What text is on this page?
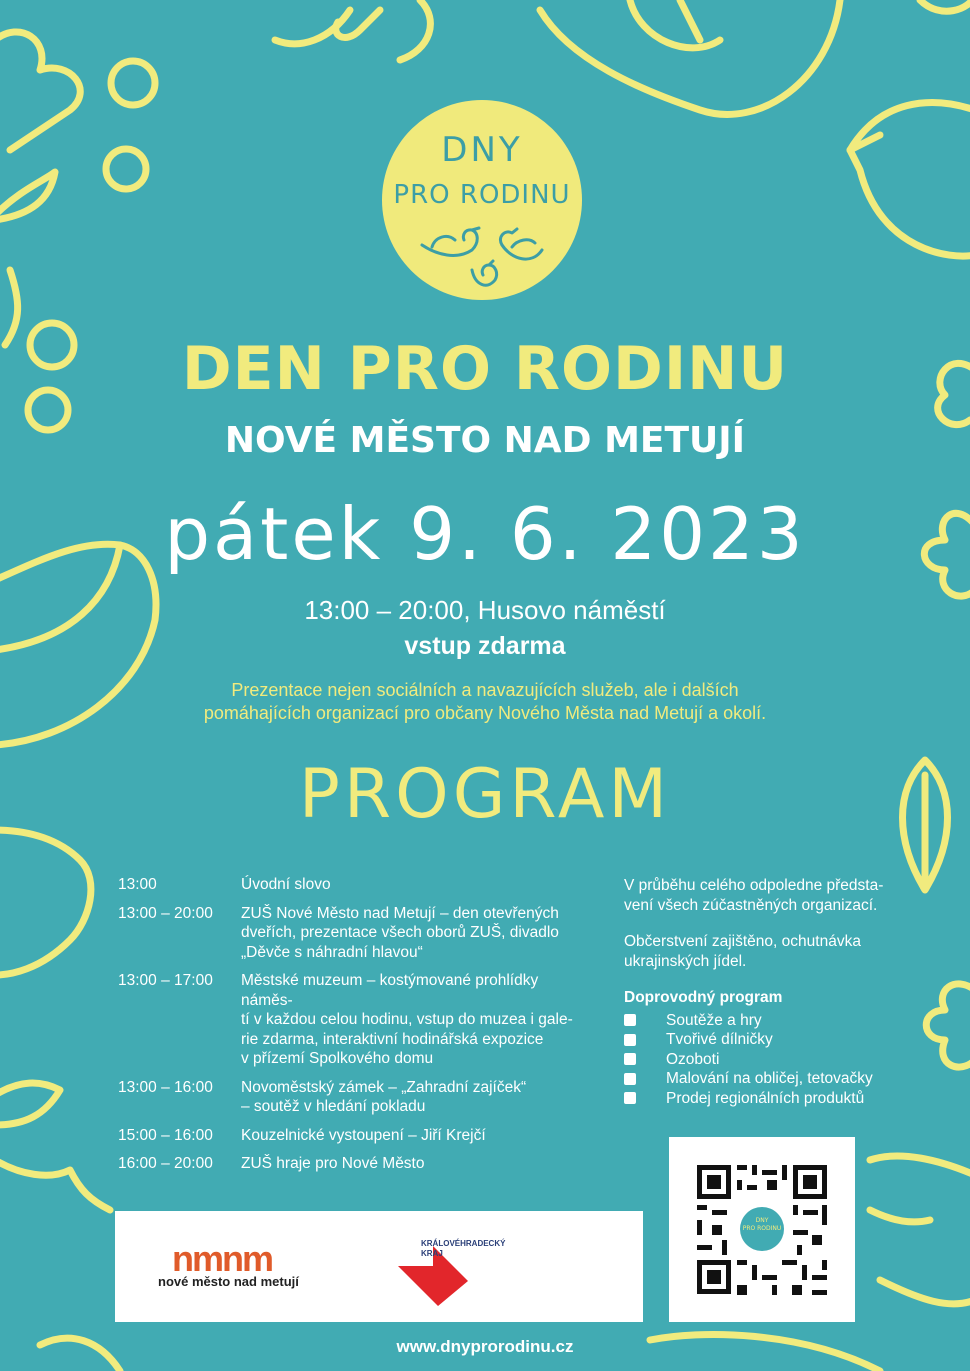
DNY
PRO RODINU
DEN PRO RODINU
NOVÉ MĚSTO NAD METUJÍ
pátek 9. 6. 2023
13:00 – 20:00, Husovo náměstí
vstup zdarma
Prezentace nejen sociálních a navazujících služeb, ale i dalších
pomáhajících organizací pro občany Nového Města nad Metují a okolí.
PROGRAM
13:00	Úvodní slovo
13:00 – 20:00	ZUŠ Nové Město nad Metují – den otevřených
dveřích, prezentace všech oborů ZUŠ, divadlo
„Děvče s náhradní hlavou“
13:00 – 17:00	Městské muzeum – kostýmované prohlídky náměs-
tí v každou celou hodinu, vstup do muzea i gale-
rie zdarma, interaktivní hodinářská expozice
v přízemí Spolkového domu
13:00 – 16:00	Novoměstský zámek – „Zahradní zajíček“
– soutěž v hledání pokladu
15:00 – 16:00	Kouzelnické vystoupení – Jiří Krejčí
16:00 – 20:00	ZUŠ hraje pro Nové Město

V průběhu celého odpoledne předsta-
vení všech zúčastněných organizací.

Občerstvení zajištěno, ochutnávka
ukrajinských jídel.

Doprovodný program
Soutěže a hry
Tvořivé dílničky
Ozoboti
Malování na obličej, tetovačky
Prodej regionálních produktů
DNY
PRO RODINU
nmnm
nové město nad metují
KRÁLOVÉHRADECKÝ
KRAJ
www.dnyprorodinu.cz
